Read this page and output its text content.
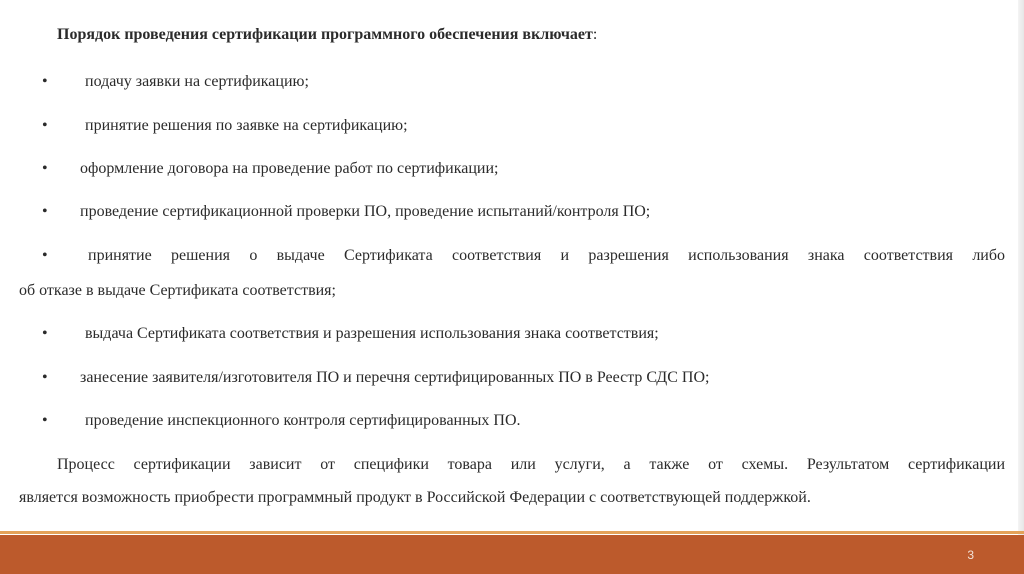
Порядок проведения сертификации программного обеспечения включает:
• подачу заявки на сертификацию;
• принятие решения по заявке на сертификацию;
• оформление договора на проведение работ по сертификации;
• проведение сертификационной проверки ПО, проведение испытаний/контроля ПО;
•	принятие решения о выдаче Сертификата соответствия и разрешения использования знака соответствия либо
об отказе в выдаче Сертификата соответствия;
• выдача Сертификата соответствия и разрешения использования знака соответствия;
• занесение заявителя/изготовителя ПО и перечня сертифицированных ПО в Реестр СДС ПО;
• проведение инспекционного контроля сертифицированных ПО.
Процесс сертификации зависит от специфики товара или услуги, а также от схемы. Результатом сертификации
является возможность приобрести программный продукт в Российской Федерации с соответствующей поддержкой.
3
